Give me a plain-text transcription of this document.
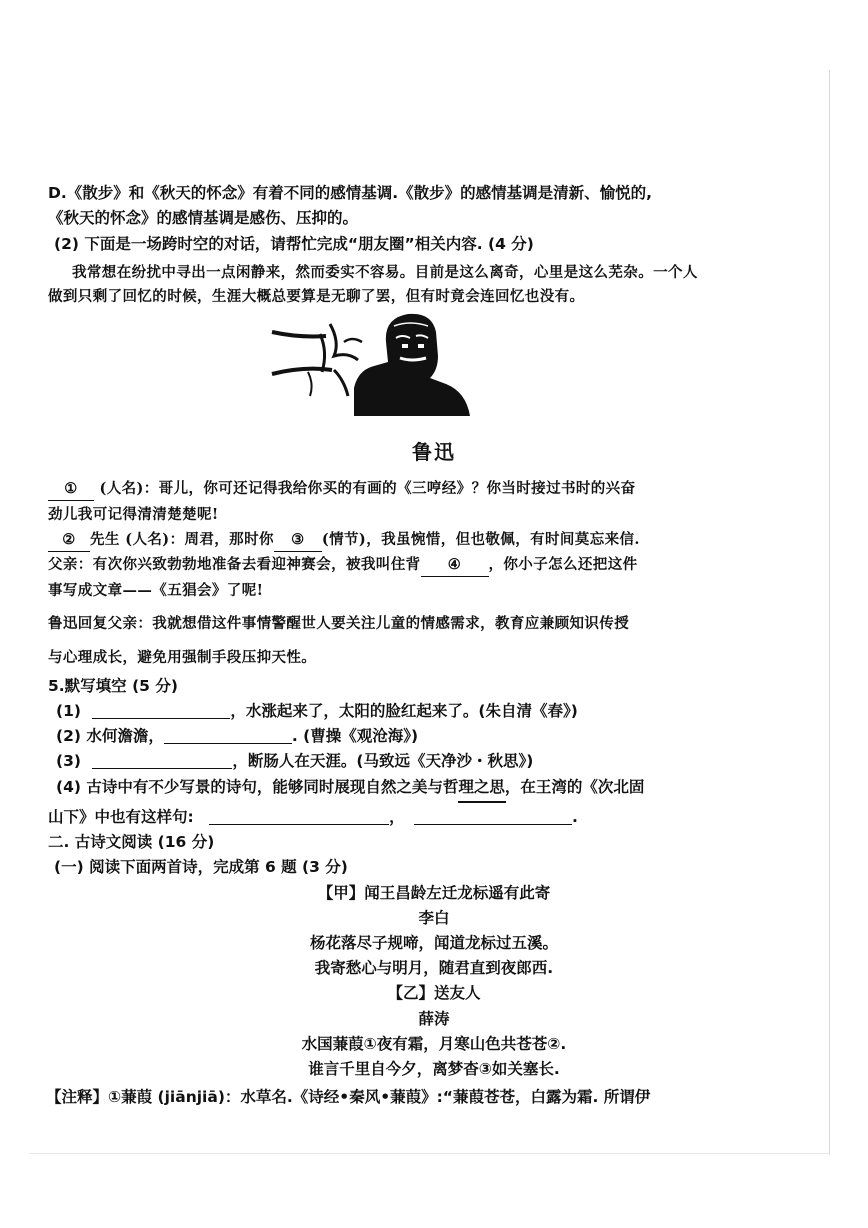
D.《散步》和《秋天的怀念》有着不同的感情基调.《散步》的感情基调是清新、愉悦的,
《秋天的怀念》的感情基调是感伤、压抑的。
(2) 下面是一场跨时空的对话，请帮忙完成“朋友圈”相关内容. (4 分)
我常想在纷扰中寻出一点闲静来，然而委实不容易。目前是这么离奇，心里是这么芜杂。一个人
做到只剩了回忆的时候，生涯大概总要算是无聊了罢，但有时竟会连回忆也没有。
鲁迅
① (人名)：哥儿，你可还记得我给你买的有画的《三哼经》？你当时接过书时的兴奋
劲儿我可记得清清楚楚呢!
② 先生 (人名)：周君，那时你 ③ (情节)，我虽惋惜，但也敬佩，有时间莫忘来信.
父亲：有次你兴致勃勃地准备去看迎神赛会，被我叫住背 ④ ，你小子怎么还把这件
事写成文章——《五猖会》了呢!
鲁迅回复父亲：我就想借这件事情警醒世人要关注儿童的情感需求，教育应兼顾知识传授
与心理成长，避免用强制手段压抑天性。
5.默写填空 (5 分)
(1)	，水涨起来了，太阳的脸红起来了。(朱自清《春》)
(2) 水何澹澹，	. (曹操《观沧海》)
(3)	，断肠人在天涯。(马致远《天净沙・秋思》)
(4) 古诗中有不少写景的诗句，能够同时展现自然之美与哲理之思，在王湾的《次北固
山下》中也有这样句:	，	.
二. 古诗文阅读 (16 分)
(一) 阅读下面两首诗，完成第 6 题 (3 分)
【甲】闻王昌龄左迁龙标遥有此寄
李白
杨花落尽子规啼，闻道龙标过五溪。
我寄愁心与明月，随君直到夜郎西.
【乙】送友人
薛涛
水国蒹葭①夜有霜，月寒山色共苍苍②.
谁言千里自今夕，离梦杳③如关塞长.
【注释】①蒹葭 (jiānjiā)：水草名.《诗经•秦风•蒹葭》:“蒹葭苍苍，白露为霜. 所谓伊
